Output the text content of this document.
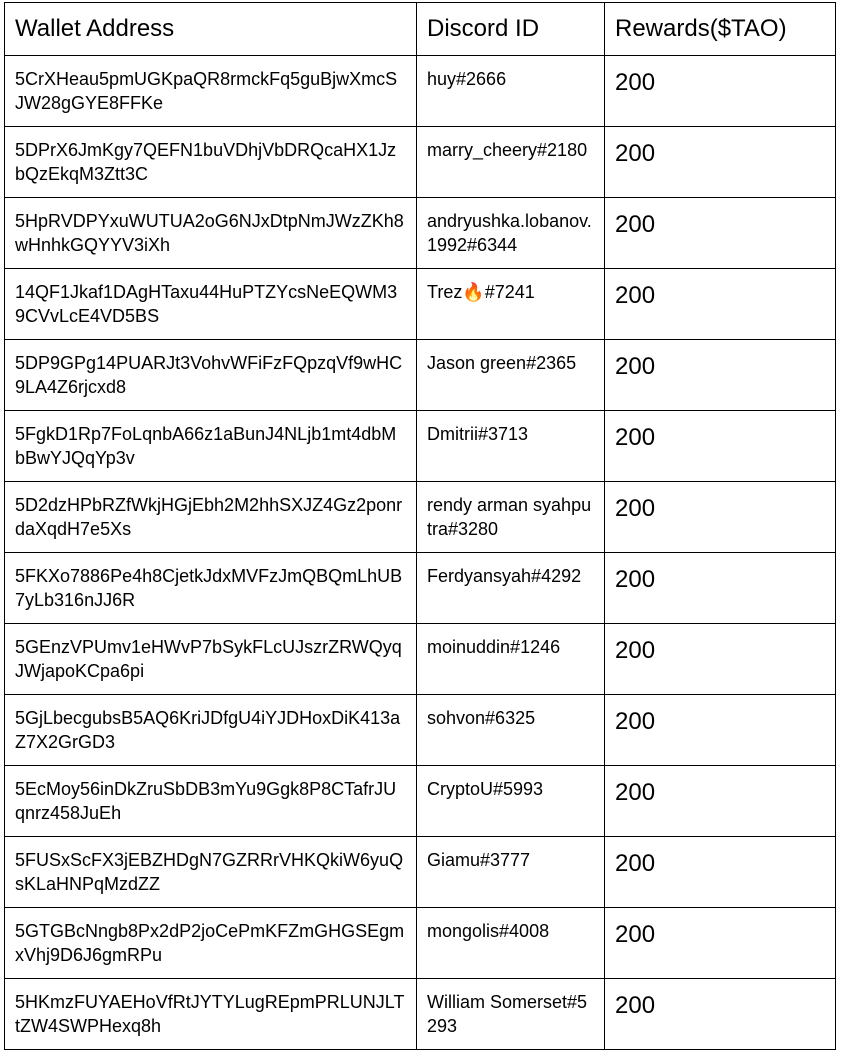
Wallet Address	Discord ID	Rewards($TAO)
5CrXHeau5pmUGKpaQR8rmckFq5guBjwXmcSJW28gGYE8FFKe	huy#2666	200
5DPrX6JmKgy7QEFN1buVDhjVbDRQcaHX1JzbQzEkqM3Ztt3C	marry_cheery#2180	200
5HpRVDPYxuWUTUA2oG6NJxDtpNmJWzZKh8wHnhkGQYYV3iXh	andryushka.lobanov.1992#6344	200
14QF1Jkaf1DAgHTaxu44HuPTZYcsNeEQWM39CVvLcE4VD5BS	Trez🔥#7241	200
5DP9GPg14PUARJt3VohvWFiFzFQpzqVf9wHC9LA4Z6rjcxd8	Jason green#2365	200
5FgkD1Rp7FoLqnbA66z1aBunJ4NLjb1mt4dbMbBwYJQqYp3v	Dmitrii#3713	200
5D2dzHPbRZfWkjHGjEbh2M2hhSXJZ4Gz2ponrdaXqdH7e5Xs	rendy arman syahputra#3280	200
5FKXo7886Pe4h8CjetkJdxMVFzJmQBQmLhUB7yLb316nJJ6R	Ferdyansyah#4292	200
5GEnzVPUmv1eHWvP7bSykFLcUJszrZRWQyqJWjapoKCpa6pi	moinuddin#1246	200
5GjLbecgubsB5AQ6KriJDfgU4iYJDHoxDiK413aZ7X2GrGD3	sohvon#6325	200
5EcMoy56inDkZruSbDB3mYu9Ggk8P8CTafrJUqnrz458JuEh	CryptoU#5993	200
5FUSxScFX3jEBZHDgN7GZRRrVHKQkiW6yuQsKLaHNPqMzdZZ	Giamu#3777	200
5GTGBcNngb8Px2dP2joCePmKFZmGHGSEgmxVhj9D6J6gmRPu	mongolis#4008	200
5HKmzFUYAEHoVfRtJYTYLugREpmPRLUNJLTtZW4SWPHexq8h	William Somerset#5293	200
